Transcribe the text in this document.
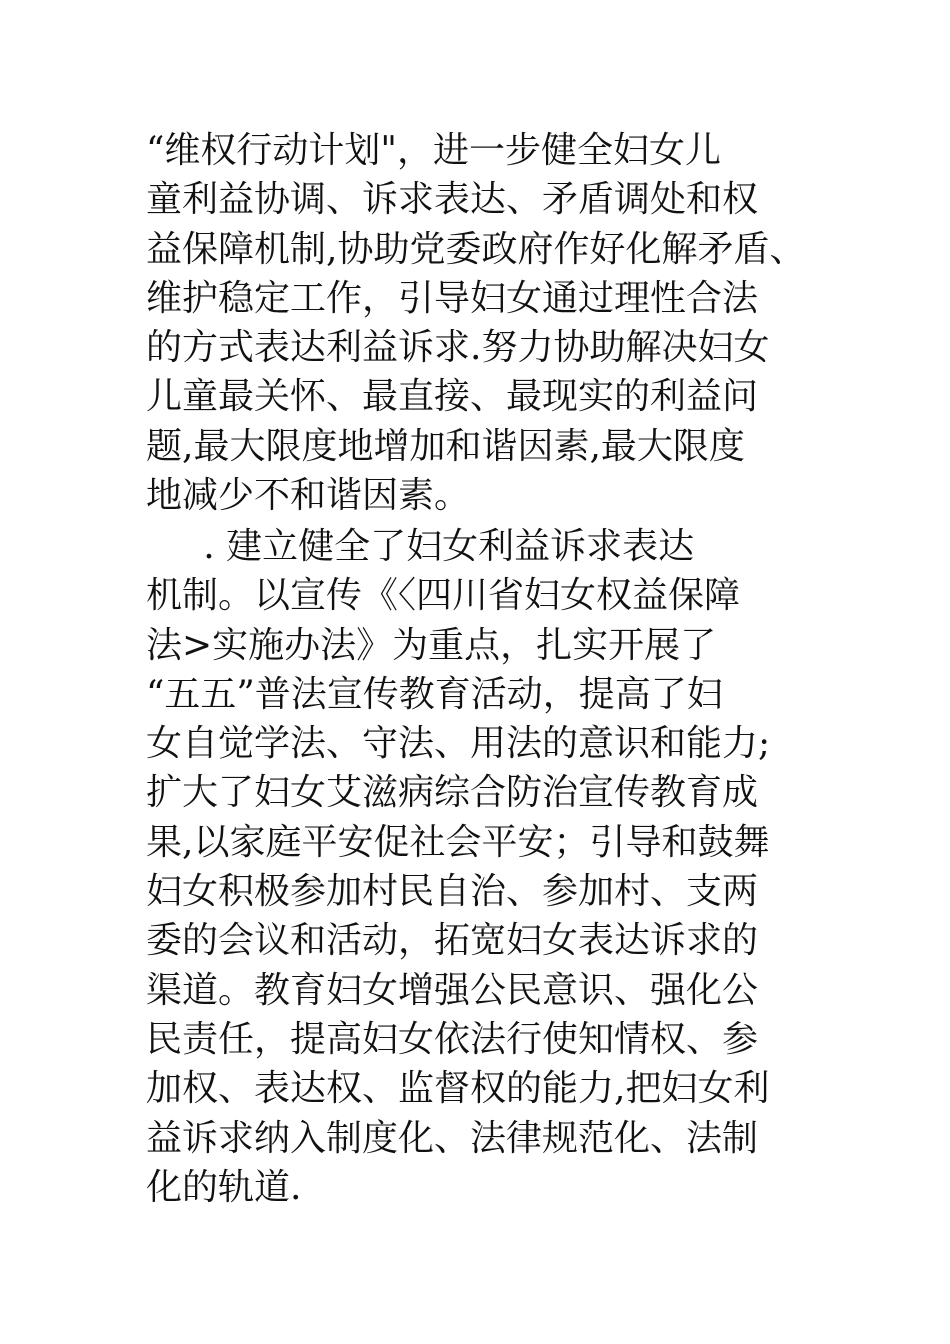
“维权行动计划"，进一步健全妇女儿
童利益协调、诉求表达、矛盾调处和权
益保障机制,协助党委政府作好化解矛盾、
维护稳定工作，引导妇女通过理性合法
的方式表达利益诉求.努力协助解决妇女
儿童最关怀、最直接、最现实的利益问
题,最大限度地增加和谐因素,最大限度
地减少不和谐因素。
. 建立健全了妇女利益诉求表达
机制。以宣传《〈四川省妇女权益保障
法>实施办法》为重点，扎实开展了
“五五”普法宣传教育活动，提高了妇
女自觉学法、守法、用法的意识和能力;
扩大了妇女艾滋病综合防治宣传教育成
果,以家庭平安促社会平安；引导和鼓舞
妇女积极参加村民自治、参加村、支两
委的会议和活动，拓宽妇女表达诉求的
渠道。教育妇女增强公民意识、强化公
民责任，提高妇女依法行使知情权、参
加权、表达权、监督权的能力,把妇女利
益诉求纳入制度化、法律规范化、法制
化的轨道.
